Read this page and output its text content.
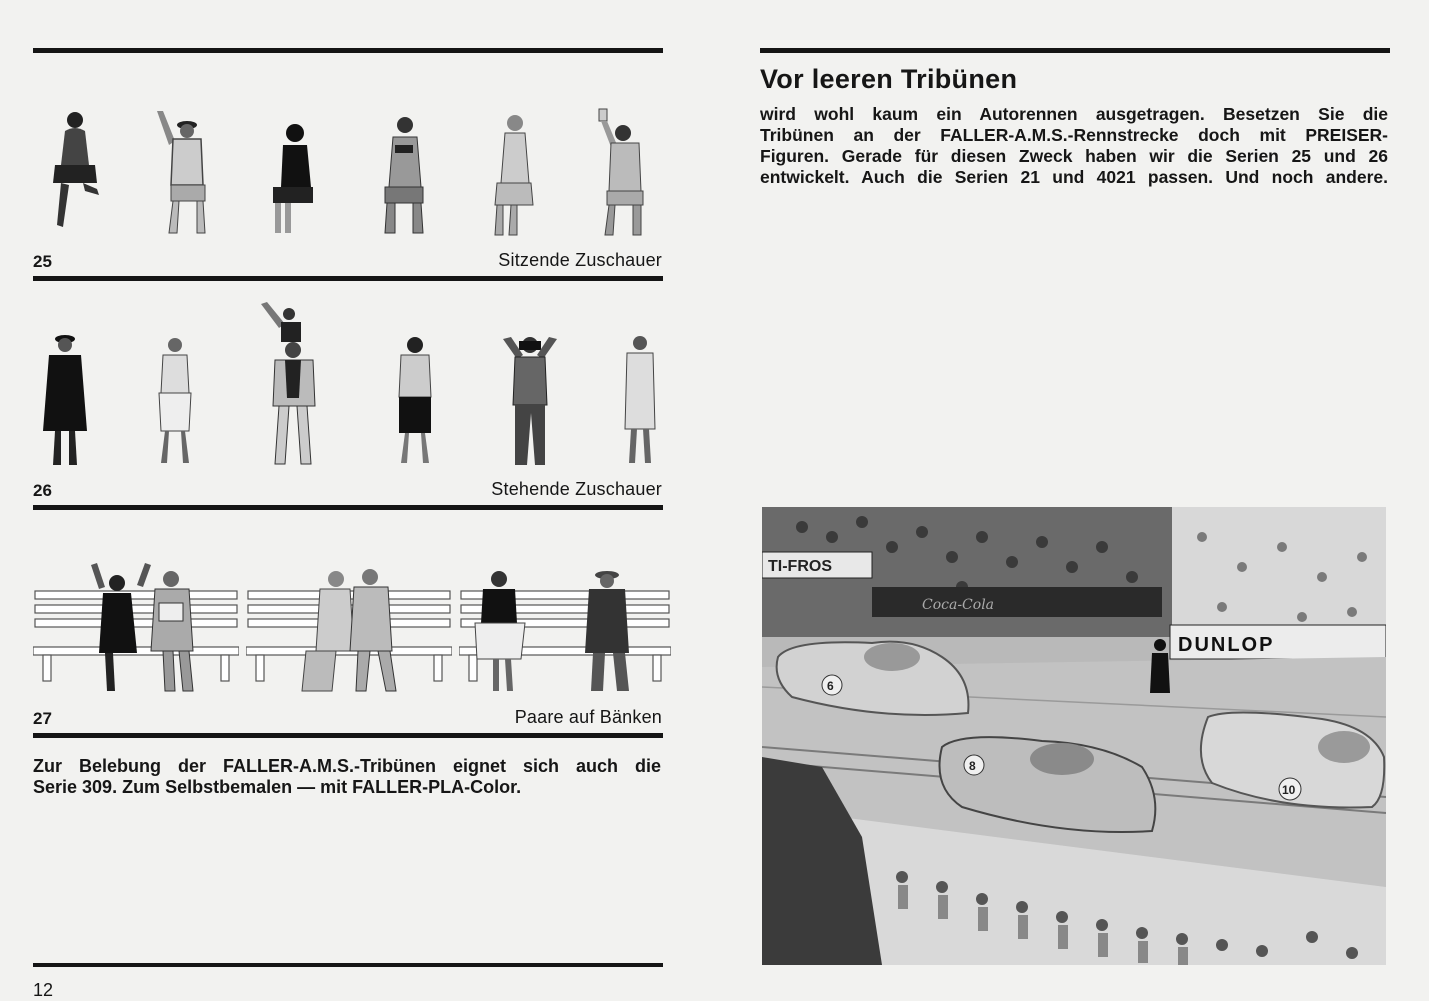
25	Sitzende Zuschauer
26	Stehende Zuschauer
27	Paare auf Bänken
Zur Belebung der FALLER-A.M.S.-Tribünen eignet sich auch die
Serie 309. Zum Selbstbemalen — mit FALLER-PLA-Color.
12
Vor leeren Tribünen
wird wohl kaum ein Autorennen ausgetragen. Besetzen Sie die
Tribünen an der FALLER-A.M.S.-Rennstrecke doch mit PREISER-
Figuren. Gerade für diesen Zweck haben wir die Serien 25 und 26
entwickelt. Auch die Serien 21 und 4021 passen. Und noch andere.
TI-FROS
Coca-Cola
DUNLOP
6
8
10
